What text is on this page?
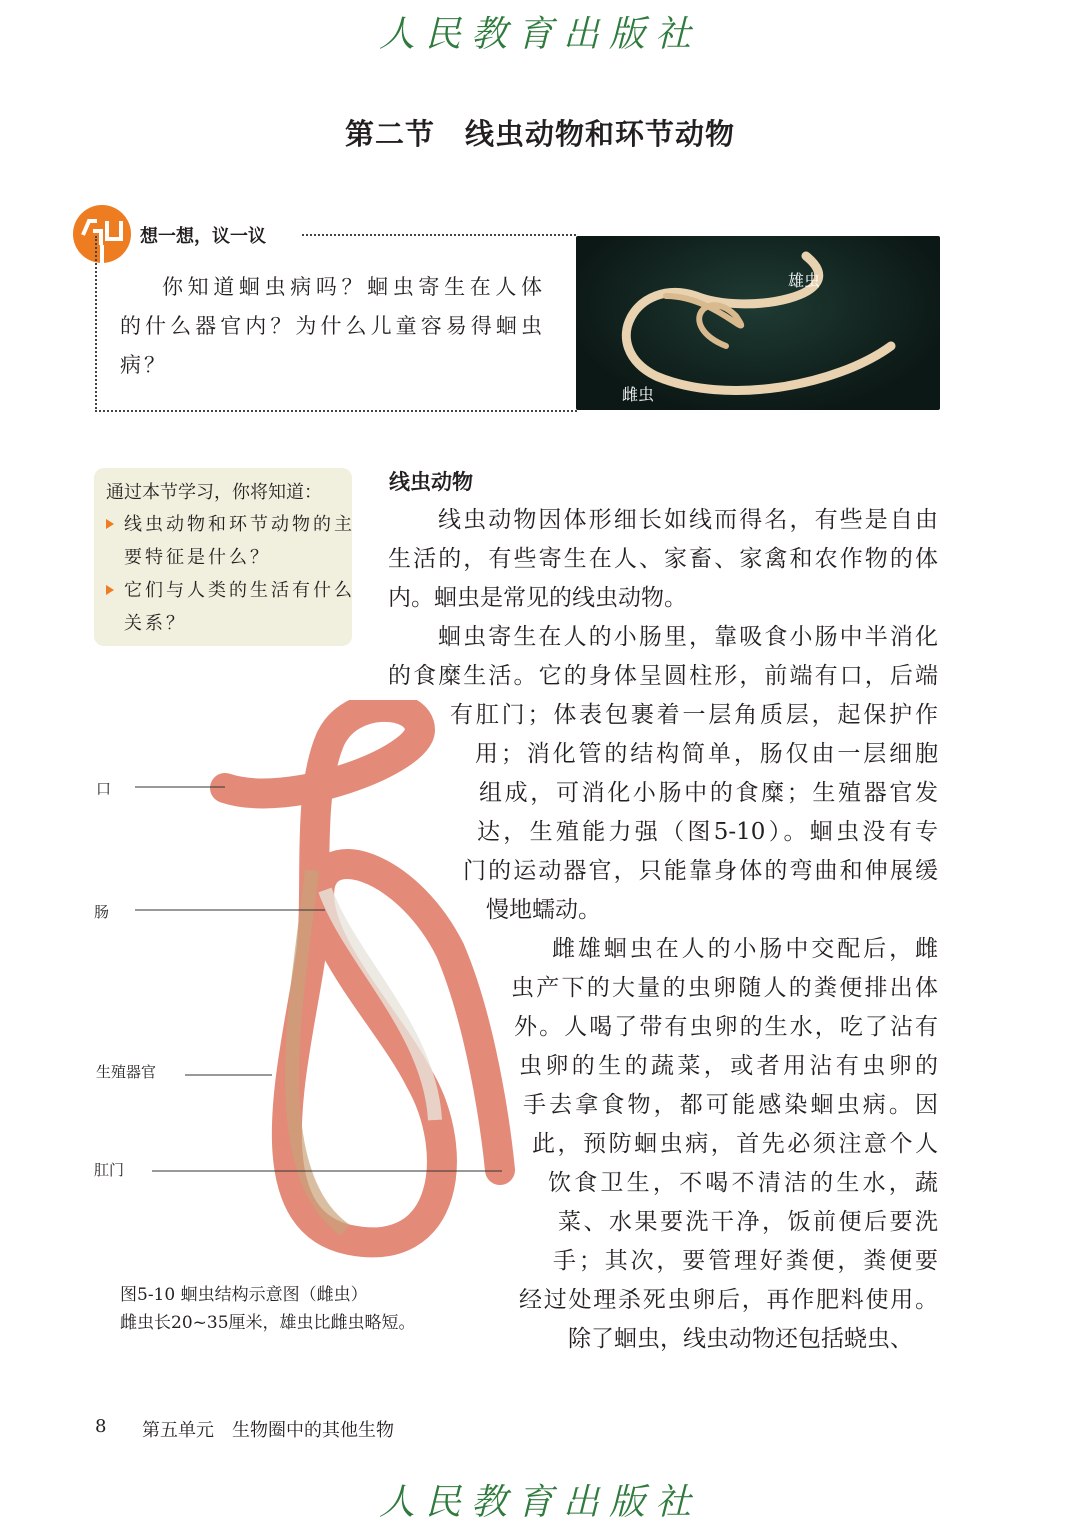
人民教育出版社
第二节　线虫动物和环节动物
想一想，议一议
你知道蛔虫病吗？蛔虫寄生在人体的什么器官内？为什么儿童容易得蛔虫病？
雄虫
雌虫
通过本节学习，你将知道：
线虫动物和环节动物的主要特征是什么？
它们与人类的生活有什么关系？
线虫动物
线虫动物因体形细长如线而得名，有些是自由
生活的，有些寄生在人、家畜、家禽和农作物的体
内。蛔虫是常见的线虫动物。
蛔虫寄生在人的小肠里，靠吸食小肠中半消化
的食糜生活。它的身体呈圆柱形，前端有口，后端
有肛门；体表包裹着一层角质层，起保护作
用；消化管的结构简单，肠仅由一层细胞
组成，可消化小肠中的食糜；生殖器官发
达，生殖能力强（图5-10）。蛔虫没有专
门的运动器官，只能靠身体的弯曲和伸展缓
慢地蠕动。
雌雄蛔虫在人的小肠中交配后，雌
虫产下的大量的虫卵随人的粪便排出体
外。人喝了带有虫卵的生水，吃了沾有
虫卵的生的蔬菜，或者用沾有虫卵的
手去拿食物，都可能感染蛔虫病。因
此，预防蛔虫病，首先必须注意个人
饮食卫生，不喝不清洁的生水，蔬
菜、水果要洗干净，饭前便后要洗
手；其次，要管理好粪便，粪便要
经过处理杀死虫卵后，再作肥料使用。
除了蛔虫，线虫动物还包括蛲虫、
口
肠
生殖器官
肛门
图5-10 蛔虫结构示意图（雌虫）
雌虫长20~35厘米，雄虫比雌虫略短。
8 第五单元　生物圈中的其他生物
人民教育出版社
